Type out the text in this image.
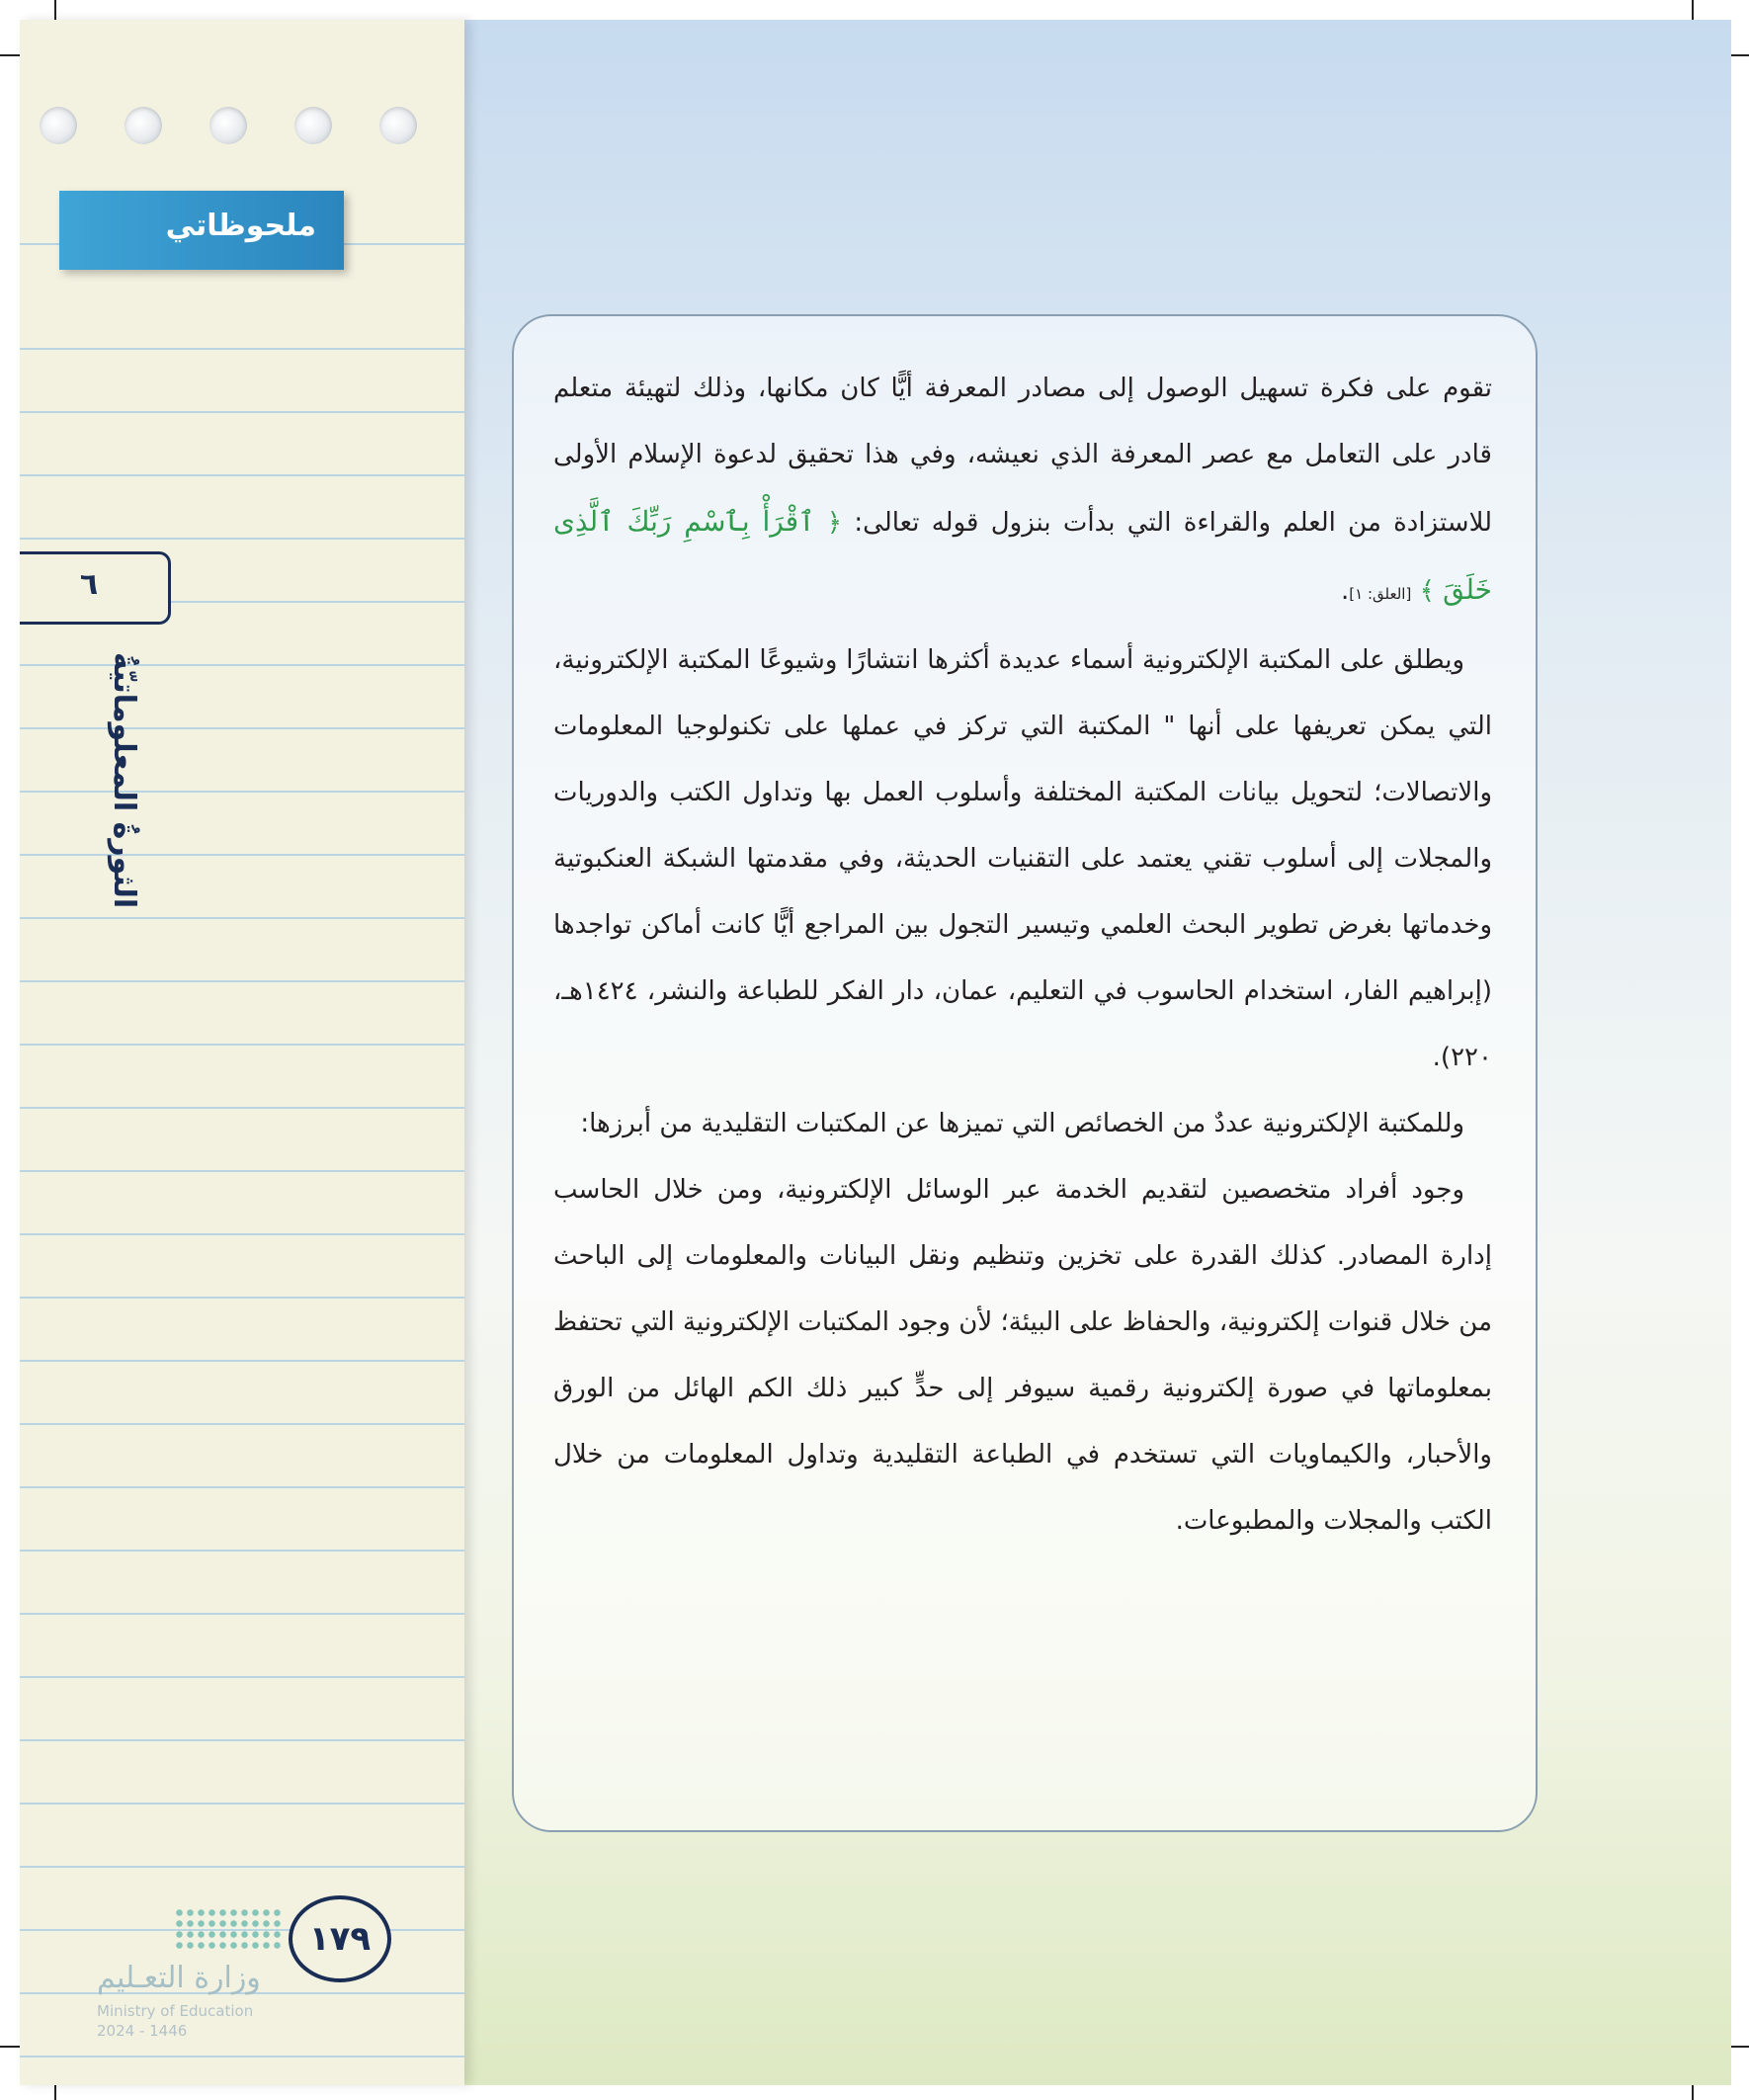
ملحوظاتي
٦
الثورةُ المعلوماتيّةُ
١٧٩
وزارة التعـليم
Ministry of Education
2024 - 1446

تقوم على فكرة تسهيل الوصول إلى مصادر المعرفة أيًّا كان مكانها، وذلك لتهيئة متعلم قادر على التعامل مع عصر المعرفة الذي نعيشه، وفي هذا تحقيق لدعوة الإسلام الأولى للاستزادة من العلم والقراءة التي بدأت بنزول قوله تعالى: ﴿ ٱقْرَأْ بِٱسْمِ رَبِّكَ ٱلَّذِى خَلَقَ ﴾ [العلق: ١].

ويطلق على المكتبة الإلكترونية أسماء عديدة أكثرها انتشارًا وشيوعًا المكتبة الإلكترونية، التي يمكن تعريفها على أنها " المكتبة التي تركز في عملها على تكنولوجيا المعلومات والاتصالات؛ لتحويل بيانات المكتبة المختلفة وأسلوب العمل بها وتداول الكتب والدوريات والمجلات إلى أسلوب تقني يعتمد على التقنيات الحديثة، وفي مقدمتها الشبكة العنكبوتية وخدماتها بغرض تطوير البحث العلمي وتيسير التجول بين المراجع أيًّا كانت أماكن تواجدها (إبراهيم الفار، استخدام الحاسوب في التعليم، عمان، دار الفكر للطباعة والنشر، ١٤٢٤هـ، ٢٢٠).

وللمكتبة الإلكترونية عددٌ من الخصائص التي تميزها عن المكتبات التقليدية من أبرزها:

وجود أفراد متخصصين لتقديم الخدمة عبر الوسائل الإلكترونية، ومن خلال الحاسب إدارة المصادر. كذلك القدرة على تخزين وتنظيم ونقل البيانات والمعلومات إلى الباحث من خلال قنوات إلكترونية، والحفاظ على البيئة؛ لأن وجود المكتبات الإلكترونية التي تحتفظ بمعلوماتها في صورة إلكترونية رقمية سيوفر إلى حدٍّ كبير ذلك الكم الهائل من الورق والأحبار، والكيماويات التي تستخدم في الطباعة التقليدية وتداول المعلومات من خلال الكتب والمجلات والمطبوعات.
